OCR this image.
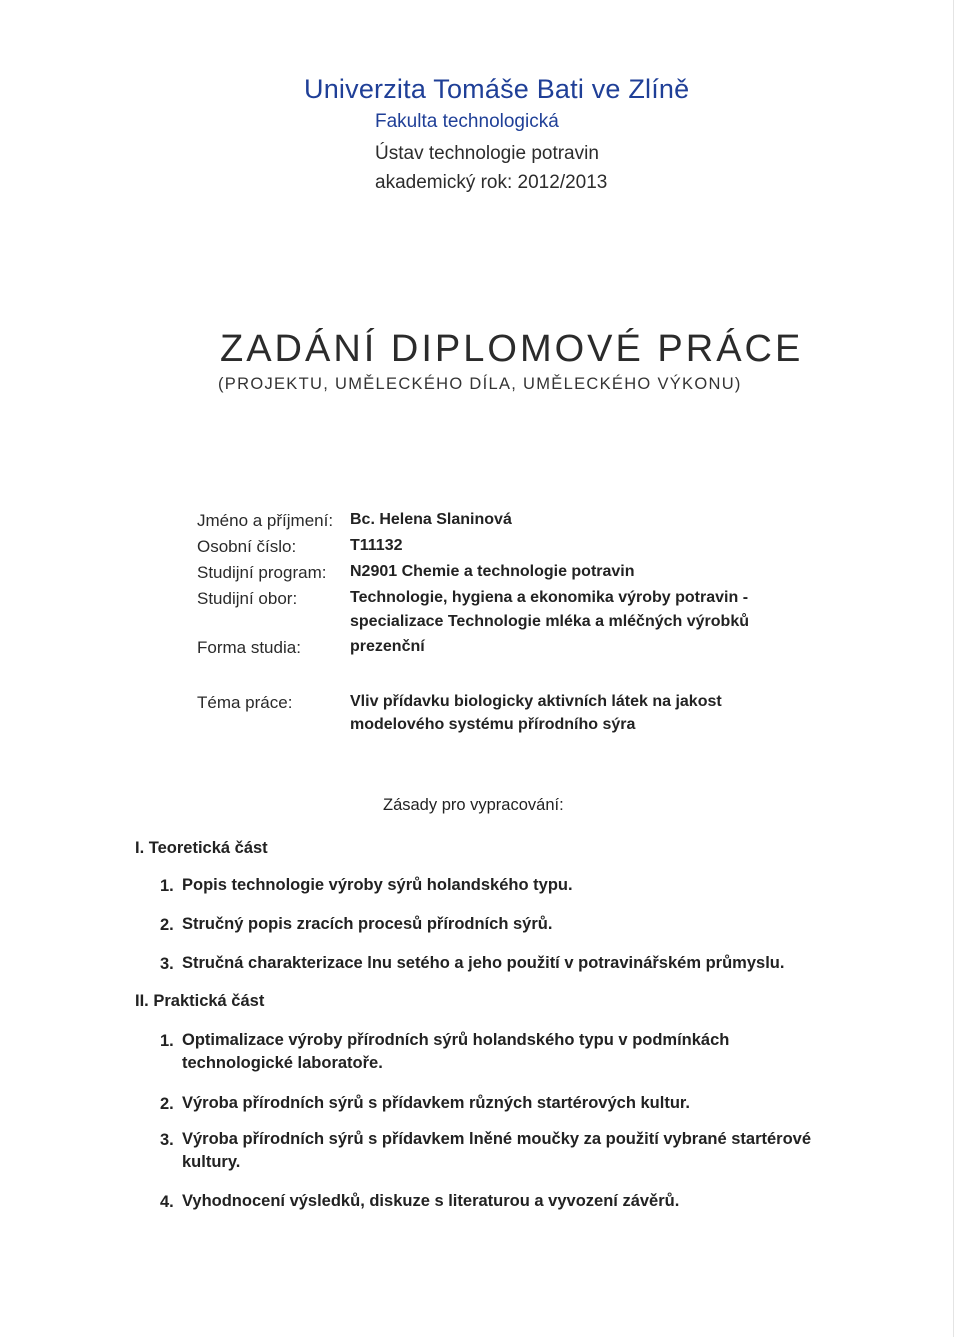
Univerzita Tomáše Bati ve Zlíně
Fakulta technologická
Ústav technologie potravin
akademický rok: 2012/2013
ZADÁNÍ DIPLOMOVÉ PRÁCE
(PROJEKTU, UMĚLECKÉHO DÍLA, UMĚLECKÉHO VÝKONU)
Jméno a příjmení: Bc. Helena Slaninová
Osobní číslo:	T11132
Studijní program: N2901 Chemie a technologie potravin
Studijní obor:	Technologie, hygiena a ekonomika výroby potravin -
specializace Technologie mléka a mléčných výrobků
Forma studia:	prezenční
Téma práce:	Vliv přídavku biologicky aktivních látek na jakost
modelového systému přírodního sýra
Zásady pro vypracování:
I. Teoretická část
1. Popis technologie výroby sýrů holandského typu.
2. Stručný popis zracích procesů přírodních sýrů.
3. Stručná charakterizace lnu setého a jeho použití v potravinářském průmyslu.
II. Praktická část
1. Optimalizace výroby přírodních sýrů holandského typu v podmínkách
technologické laboratoře.
2. Výroba přírodních sýrů s přídavkem různých startérových kultur.
3. Výroba přírodních sýrů s přídavkem lněné moučky za použití vybrané startérové
kultury.
4. Vyhodnocení výsledků, diskuze s literaturou a vyvození závěrů.
